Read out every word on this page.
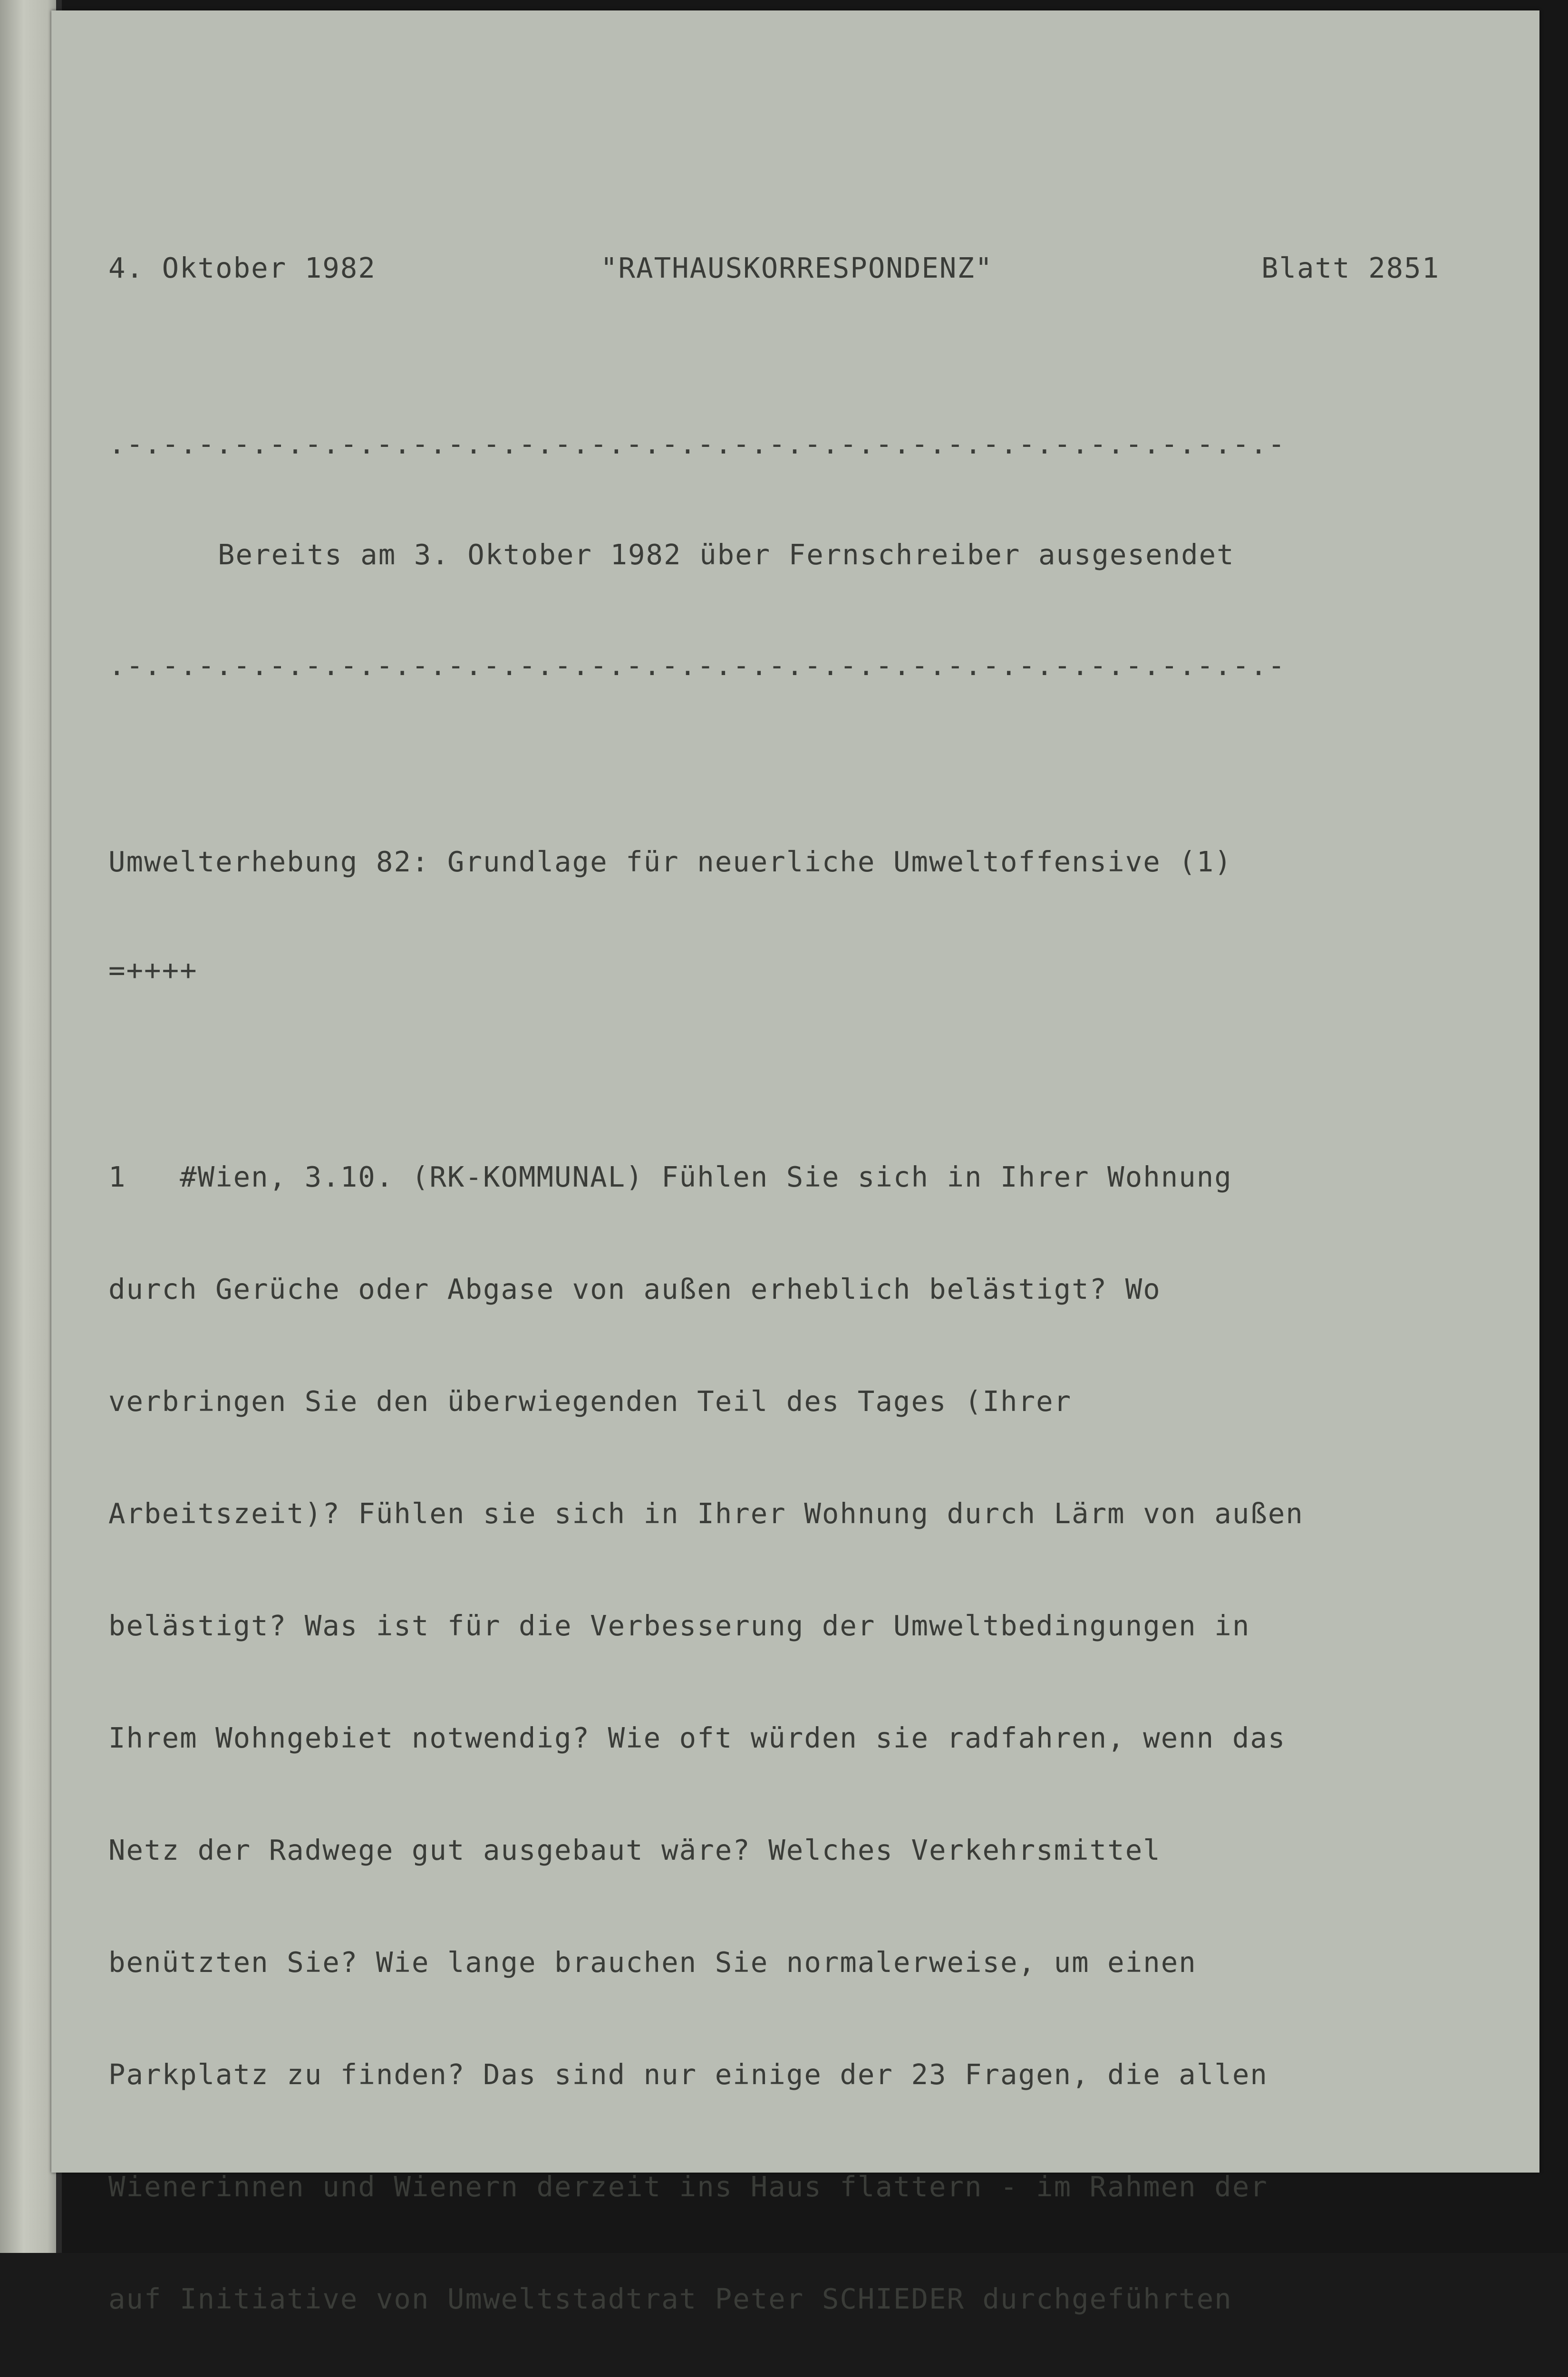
4. Oktober 1982

	"RATHAUSKORRESPONDENZ"

	Blatt 2851

.-.-.-.-.-.-.-.-.-.-.-.-.-.-.-.-.-.-.-.-.-.-.-.-.-.-.-.-.-.-.-.-.-

Bereits am 3. Oktober 1982 über Fernschreiber ausgesendet

.-.-.-.-.-.-.-.-.-.-.-.-.-.-.-.-.-.-.-.-.-.-.-.-.-.-.-.-.-.-.-.-.-

Umwelterhebung 82: Grundlage für neuerliche Umweltoffensive (1)

=++++

1   #Wien, 3.10. (RK-KOMMUNAL) Fühlen Sie sich in Ihrer Wohnung

durch Gerüche oder Abgase von außen erheblich belästigt? Wo

verbringen Sie den überwiegenden Teil des Tages (Ihrer

Arbeitszeit)? Fühlen sie sich in Ihrer Wohnung durch Lärm von außen

belästigt? Was ist für die Verbesserung der Umweltbedingungen in

Ihrem Wohngebiet notwendig? Wie oft würden sie radfahren, wenn das

Netz der Radwege gut ausgebaut wäre? Welches Verkehrsmittel

benützten Sie? Wie lange brauchen Sie normalerweise, um einen

Parkplatz zu finden? Das sind nur einige der 23 Fragen, die allen

Wienerinnen und Wienern derzeit ins Haus flattern - im Rahmen der

auf Initiative von Umweltstadtrat Peter SCHIEDER durchgeführten
